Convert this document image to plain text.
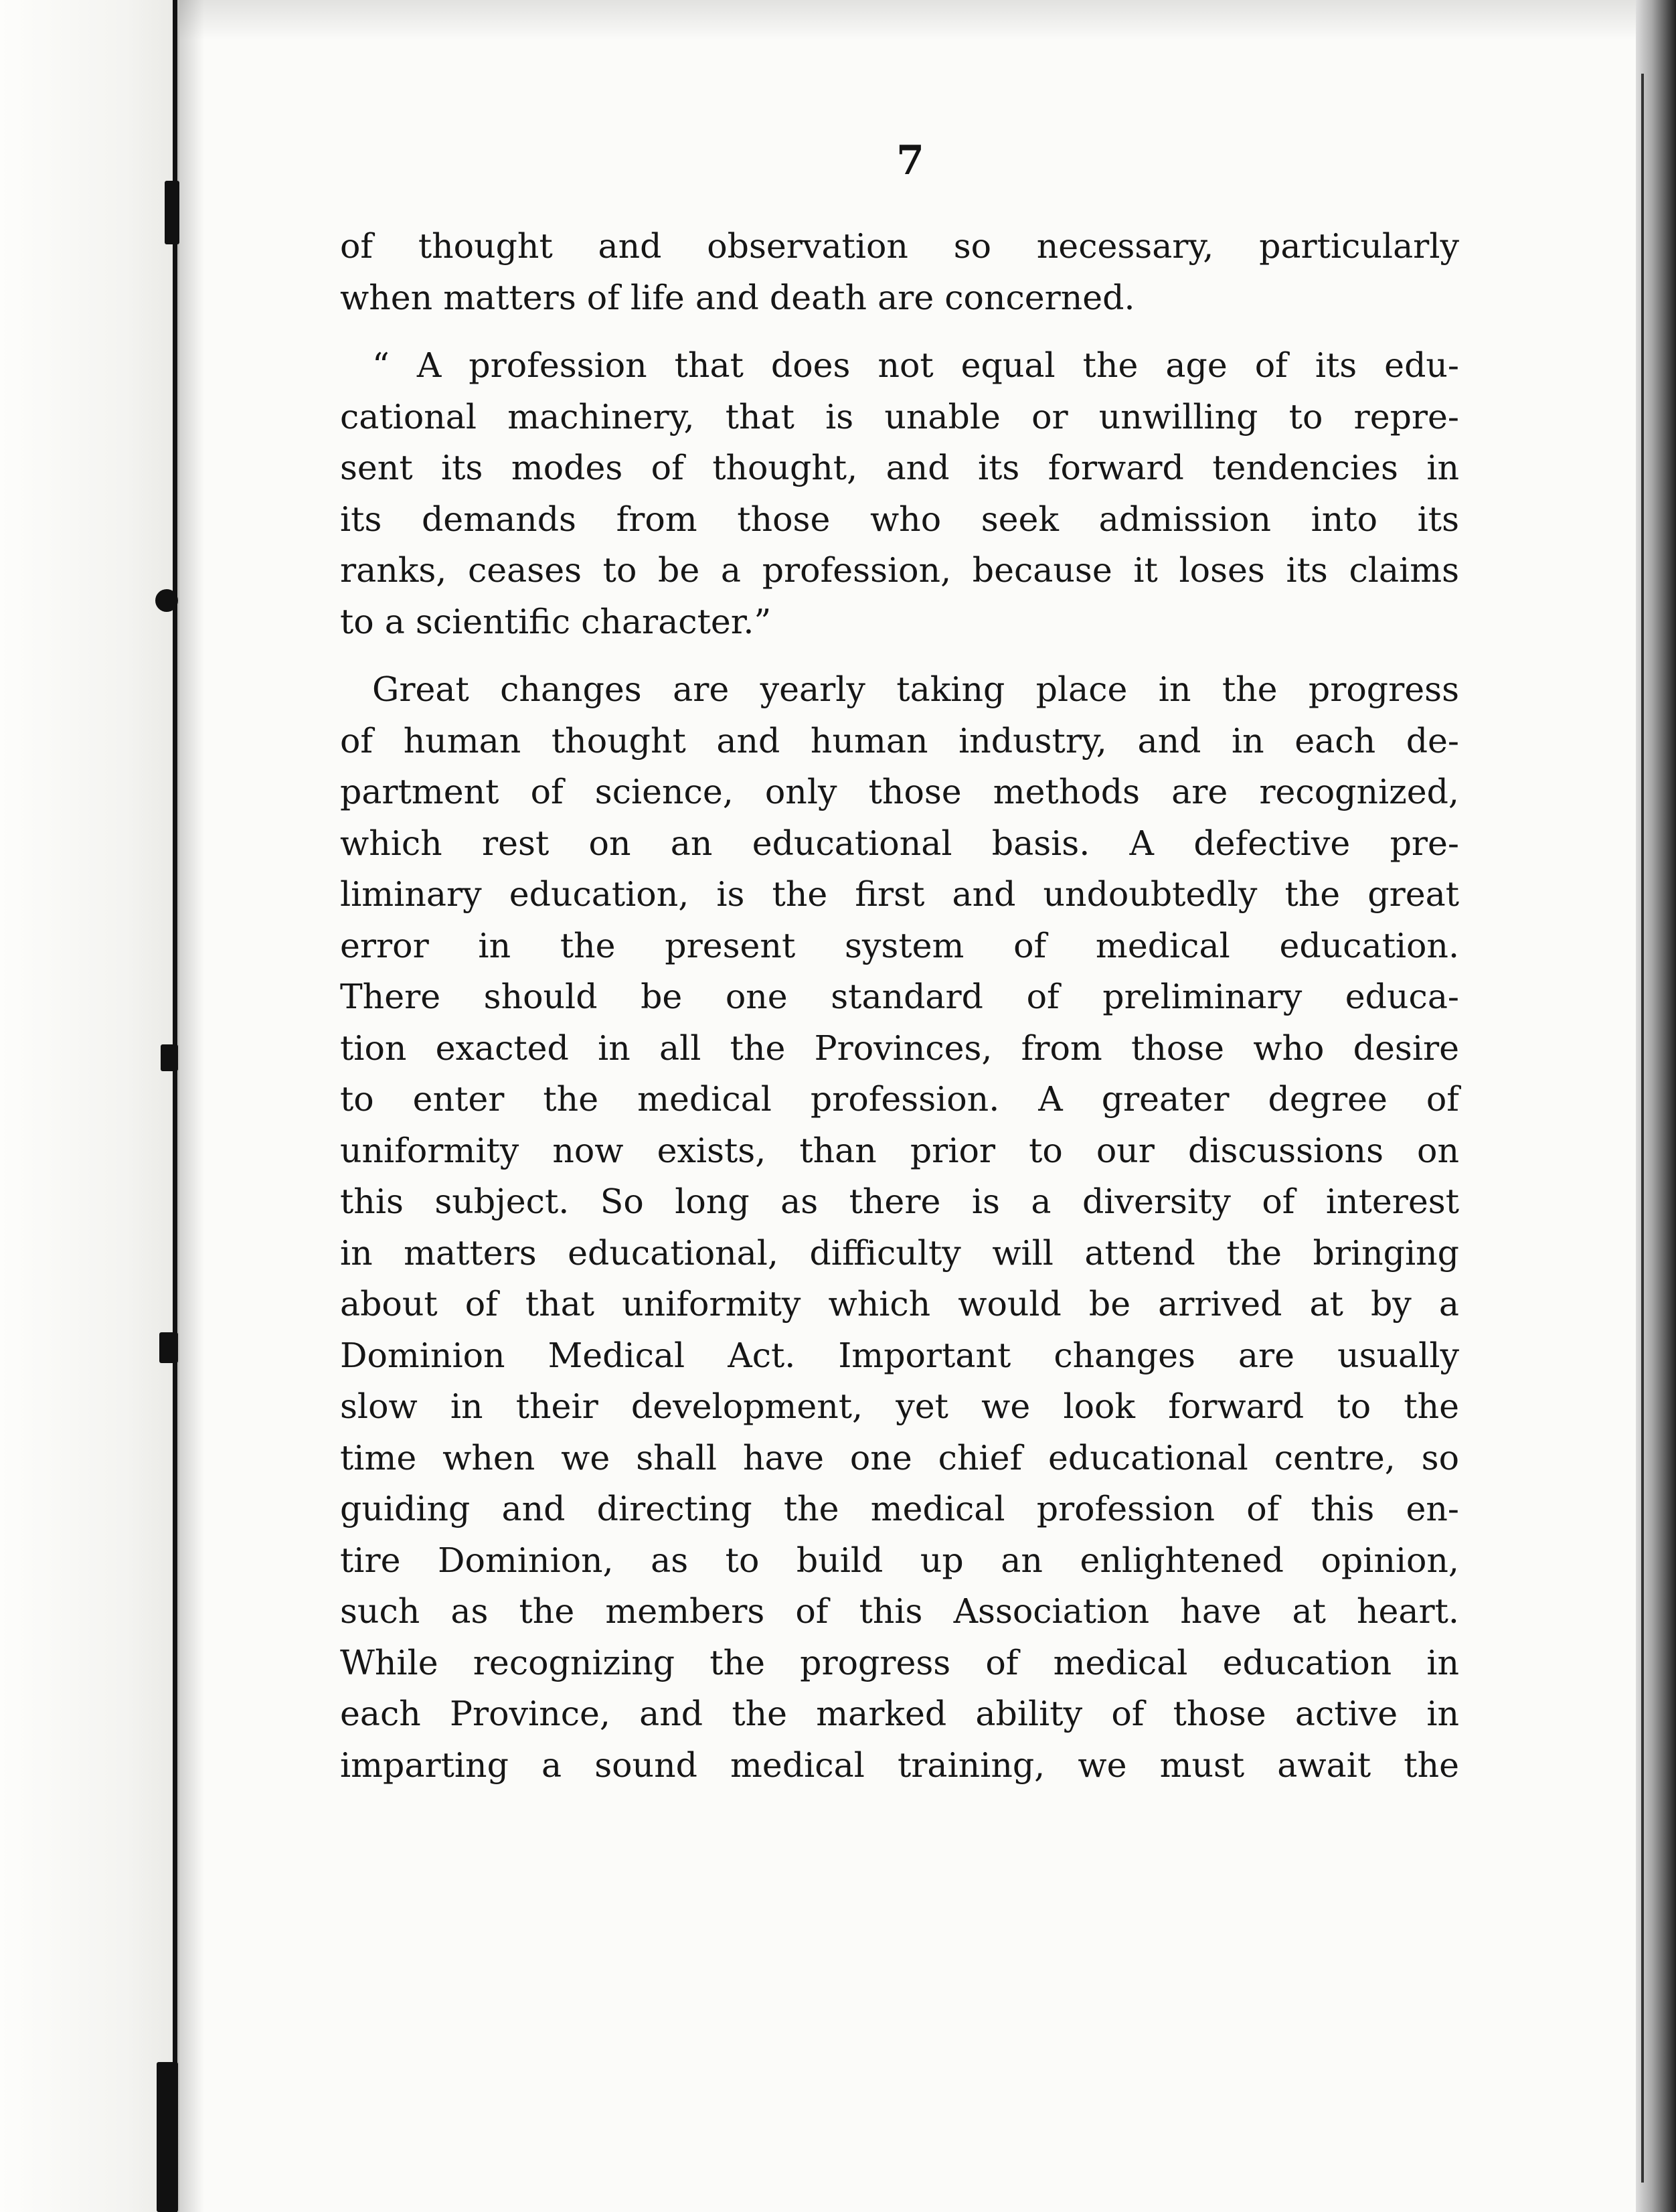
7

of thought and observation so necessary, particularly
when matters of life and death are concerned.

“ A profession that does not equal the age of its edu-
cational machinery, that is unable or unwilling to repre-
sent its modes of thought, and its forward tendencies in
its demands from those who seek admission into its
ranks, ceases to be a profession, because it loses its claims
to a scientific character.”

Great changes are yearly taking place in the progress
of human thought and human industry, and in each de-
partment of science, only those methods are recognized,
which rest on an educational basis. A defective pre-
liminary education, is the first and undoubtedly the great
error in the present system of medical education.
There should be one standard of preliminary educa-
tion exacted in all the Provinces, from those who desire
to enter the medical profession. A greater degree of
uniformity now exists, than prior to our discussions on
this subject. So long as there is a diversity of interest
in matters educational, difficulty will attend the bringing
about of that uniformity which would be arrived at by a
Dominion Medical Act. Important changes are usually
slow in their development, yet we look forward to the
time when we shall have one chief educational centre, so
guiding and directing the medical profession of this en-
tire Dominion, as to build up an enlightened opinion,
such as the members of this Association have at heart.
While recognizing the progress of medical education in
each Province, and the marked ability of those active in
imparting a sound medical training, we must await the
